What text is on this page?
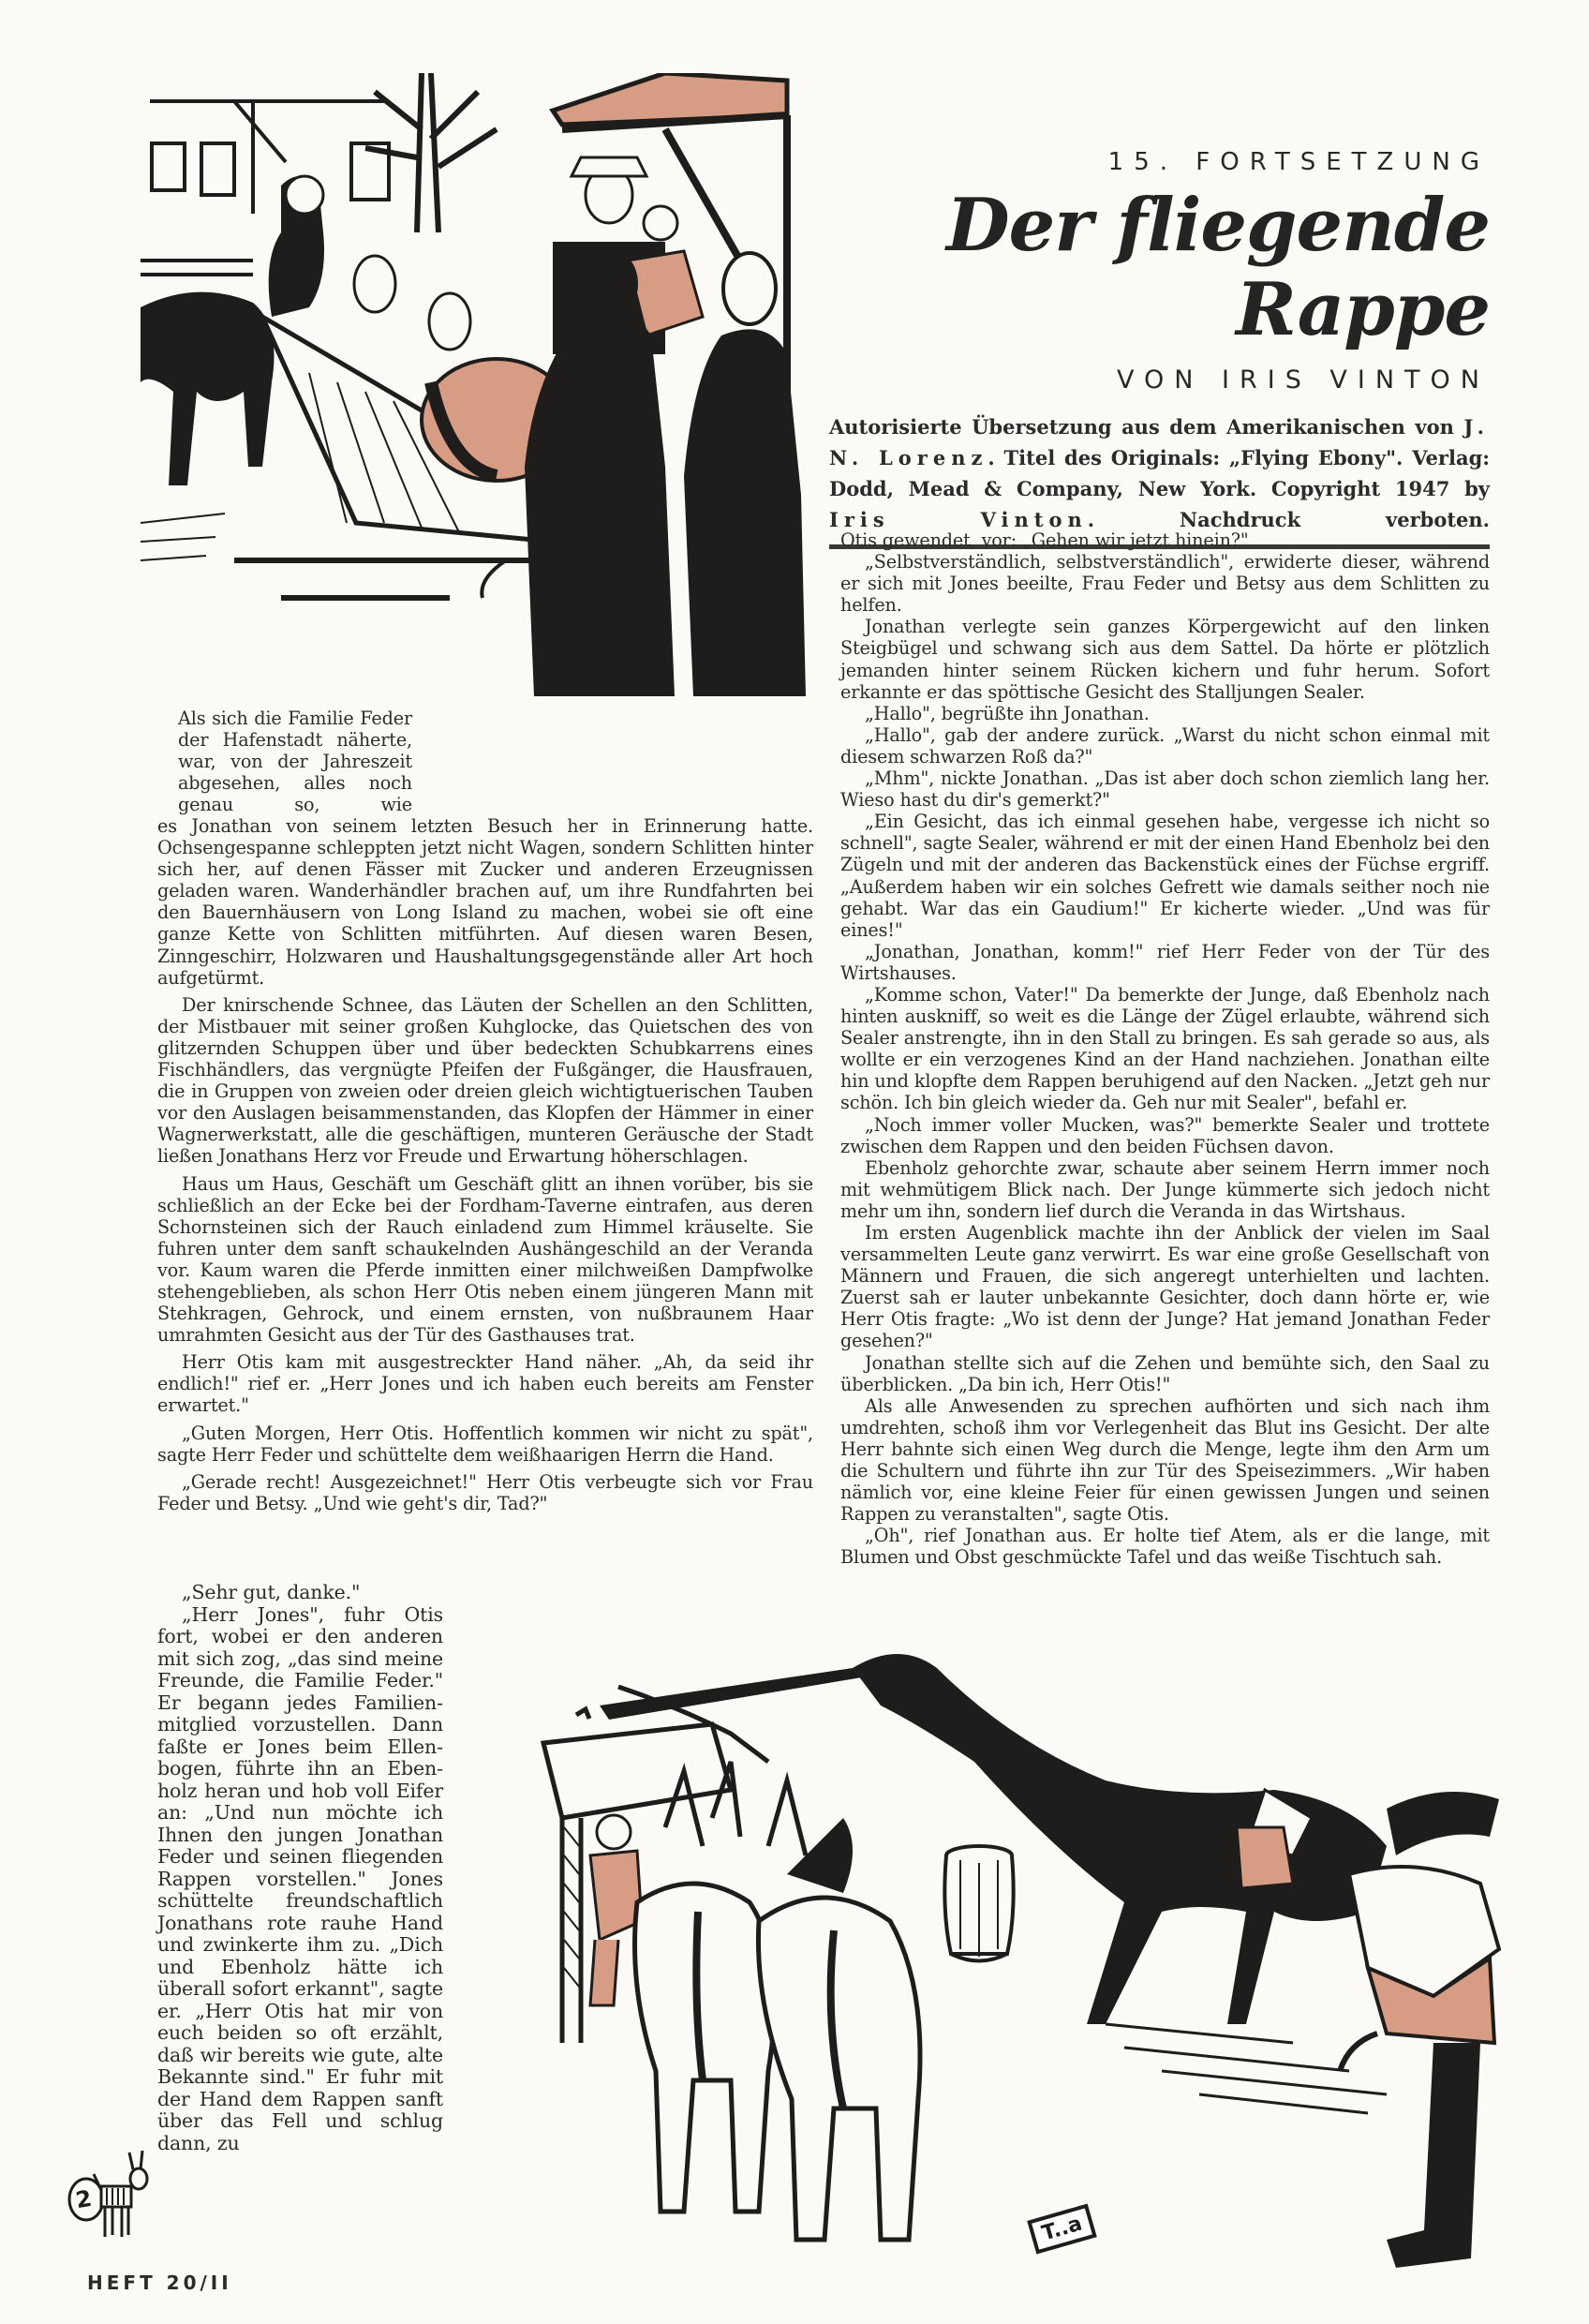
15. FORTSETZUNG
Der fliegende Rappe
VON IRIS VINTON
Autorisierte Übersetzung aus dem Amerikanischen von J. N. Lorenz. Titel des Originals: „Flying Ebony". Verlag: Dodd, Mead & Company, New York. Copyright 1947 by Iris Vinton. Nachdruck verboten.

Als sich die Familie Feder der Hafenstadt näherte, war, von der Jahreszeit abgesehen, alles noch genau so, wie

es Jonathan von seinem letzten Besuch her in Erinnerung hatte. Ochsengespanne schleppten jetzt nicht Wagen, sondern Schlitten hinter sich her, auf denen Fässer mit Zucker und anderen Erzeugnissen geladen waren. Wanderhändler brachen auf, um ihre Rundfahrten bei den Bauernhäusern von Long Island zu machen, wobei sie oft eine ganze Kette von Schlitten mitführten. Auf diesen waren Besen, Zinngeschirr, Holzwaren und Haushaltungsgegenstände aller Art hoch aufgetürmt.

Der knirschende Schnee, das Läuten der Schellen an den Schlitten, der Mistbauer mit seiner großen Kuhglocke, das Quietschen des von glitzernden Schuppen über und über bedeckten Schubkarrens eines Fischhändlers, das vergnügte Pfeifen der Fußgänger, die Hausfrauen, die in Gruppen von zweien oder dreien gleich wichtigtuerischen Tauben vor den Auslagen beisammenstanden, das Klopfen der Hämmer in einer Wagnerwerkstatt, alle die geschäftigen, munteren Geräusche der Stadt ließen Jonathans Herz vor Freude und Erwartung höherschlagen.

Haus um Haus, Geschäft um Geschäft glitt an ihnen vorüber, bis sie schließlich an der Ecke bei der Fordham-Taverne eintrafen, aus deren Schornsteinen sich der Rauch einladend zum Himmel kräuselte. Sie fuhren unter dem sanft schaukelnden Aushängeschild an der Veranda vor. Kaum waren die Pferde inmitten einer milchweißen Dampfwolke stehengeblieben, als schon Herr Otis neben einem jüngeren Mann mit Stehkragen, Gehrock, und einem ernsten, von nußbraunem Haar umrahmten Gesicht aus der Tür des Gasthauses trat.

Herr Otis kam mit ausgestreckter Hand näher. „Ah, da seid ihr endlich!" rief er. „Herr Jones und ich haben euch bereits am Fenster erwartet."

„Guten Morgen, Herr Otis. Hoffentlich kommen wir nicht zu spät", sagte Herr Feder und schüttelte dem weißhaarigen Herrn die Hand.

„Gerade recht! Ausgezeichnet!" Herr Otis verbeugte sich vor Frau Feder und Betsy. „Und wie geht's dir, Tad?"

„Sehr gut, danke."

„Herr Jones", fuhr Otis fort, wobei er den anderen mit sich zog, „das sind meine Freunde, die Familie Feder." Er begann jedes Familienmitglied vorzustellen. Dann faßte er Jones beim Ellenbogen, führte ihn an Ebenholz heran und hob voll Eifer an: „Und nun möchte ich Ihnen den jungen Jonathan Feder und seinen fliegenden Rappen vorstellen." Jones schüttelte freundschaftlich Jonathans rote rauhe Hand und zwinkerte ihm zu. „Dich und Ebenholz hätte ich überall sofort erkannt", sagte er. „Herr Otis hat mir von euch beiden so oft erzählt, daß wir bereits wie gute, alte Bekannte sind." Er fuhr mit der Hand dem Rappen sanft über das Fell und schlug dann, zu

Otis gewendet, vor: „Gehen wir jetzt hinein?"

„Selbstverständlich, selbstverständlich", erwiderte dieser, während er sich mit Jones beeilte, Frau Feder und Betsy aus dem Schlitten zu helfen.

Jonathan verlegte sein ganzes Körpergewicht auf den linken Steigbügel und schwang sich aus dem Sattel. Da hörte er plötzlich jemanden hinter seinem Rücken kichern und fuhr herum. Sofort erkannte er das spöttische Gesicht des Stalljungen Sealer.

„Hallo", begrüßte ihn Jonathan.

„Hallo", gab der andere zurück. „Warst du nicht schon einmal mit diesem schwarzen Roß da?"

„Mhm", nickte Jonathan. „Das ist aber doch schon ziemlich lang her. Wieso hast du dir's gemerkt?"

„Ein Gesicht, das ich einmal gesehen habe, vergesse ich nicht so schnell", sagte Sealer, während er mit der einen Hand Ebenholz bei den Zügeln und mit der anderen das Backenstück eines der Füchse ergriff. „Außerdem haben wir ein solches Gefrett wie damals seither noch nie gehabt. War das ein Gaudium!" Er kicherte wieder. „Und was für eines!"

„Jonathan, Jonathan, komm!" rief Herr Feder von der Tür des Wirtshauses.

„Komme schon, Vater!" Da bemerkte der Junge, daß Ebenholz nach hinten auskniff, so weit es die Länge der Zügel erlaubte, während sich Sealer anstrengte, ihn in den Stall zu bringen. Es sah gerade so aus, als wollte er ein verzogenes Kind an der Hand nachziehen. Jonathan eilte hin und klopfte dem Rappen beruhigend auf den Nacken. „Jetzt geh nur schön. Ich bin gleich wieder da. Geh nur mit Sealer", befahl er.

„Noch immer voller Mucken, was?" bemerkte Sealer und trottete zwischen dem Rappen und den beiden Füchsen davon.

Ebenholz gehorchte zwar, schaute aber seinem Herrn immer noch mit wehmütigem Blick nach. Der Junge kümmerte sich jedoch nicht mehr um ihn, sondern lief durch die Veranda in das Wirtshaus.

Im ersten Augenblick machte ihn der Anblick der vielen im Saal versammelten Leute ganz verwirrt. Es war eine große Gesellschaft von Männern und Frauen, die sich angeregt unterhielten und lachten. Zuerst sah er lauter unbekannte Gesichter, doch dann hörte er, wie Herr Otis fragte: „Wo ist denn der Junge? Hat jemand Jonathan Feder gesehen?"

Jonathan stellte sich auf die Zehen und bemühte sich, den Saal zu überblicken. „Da bin ich, Herr Otis!"

Als alle Anwesenden zu sprechen aufhörten und sich nach ihm umdrehten, schoß ihm vor Verlegenheit das Blut ins Gesicht. Der alte Herr bahnte sich einen Weg durch die Menge, legte ihm den Arm um die Schultern und führte ihn zur Tür des Speisezimmers. „Wir haben nämlich vor, eine kleine Feier für einen gewissen Jungen und seinen Rappen zu veranstalten", sagte Otis.

„Oh", rief Jonathan aus. Er holte tief Atem, als er die lange, mit Blumen und Obst geschmückte Tafel und das weiße Tischtuch sah.

T..a
2
HEFT 20/II
